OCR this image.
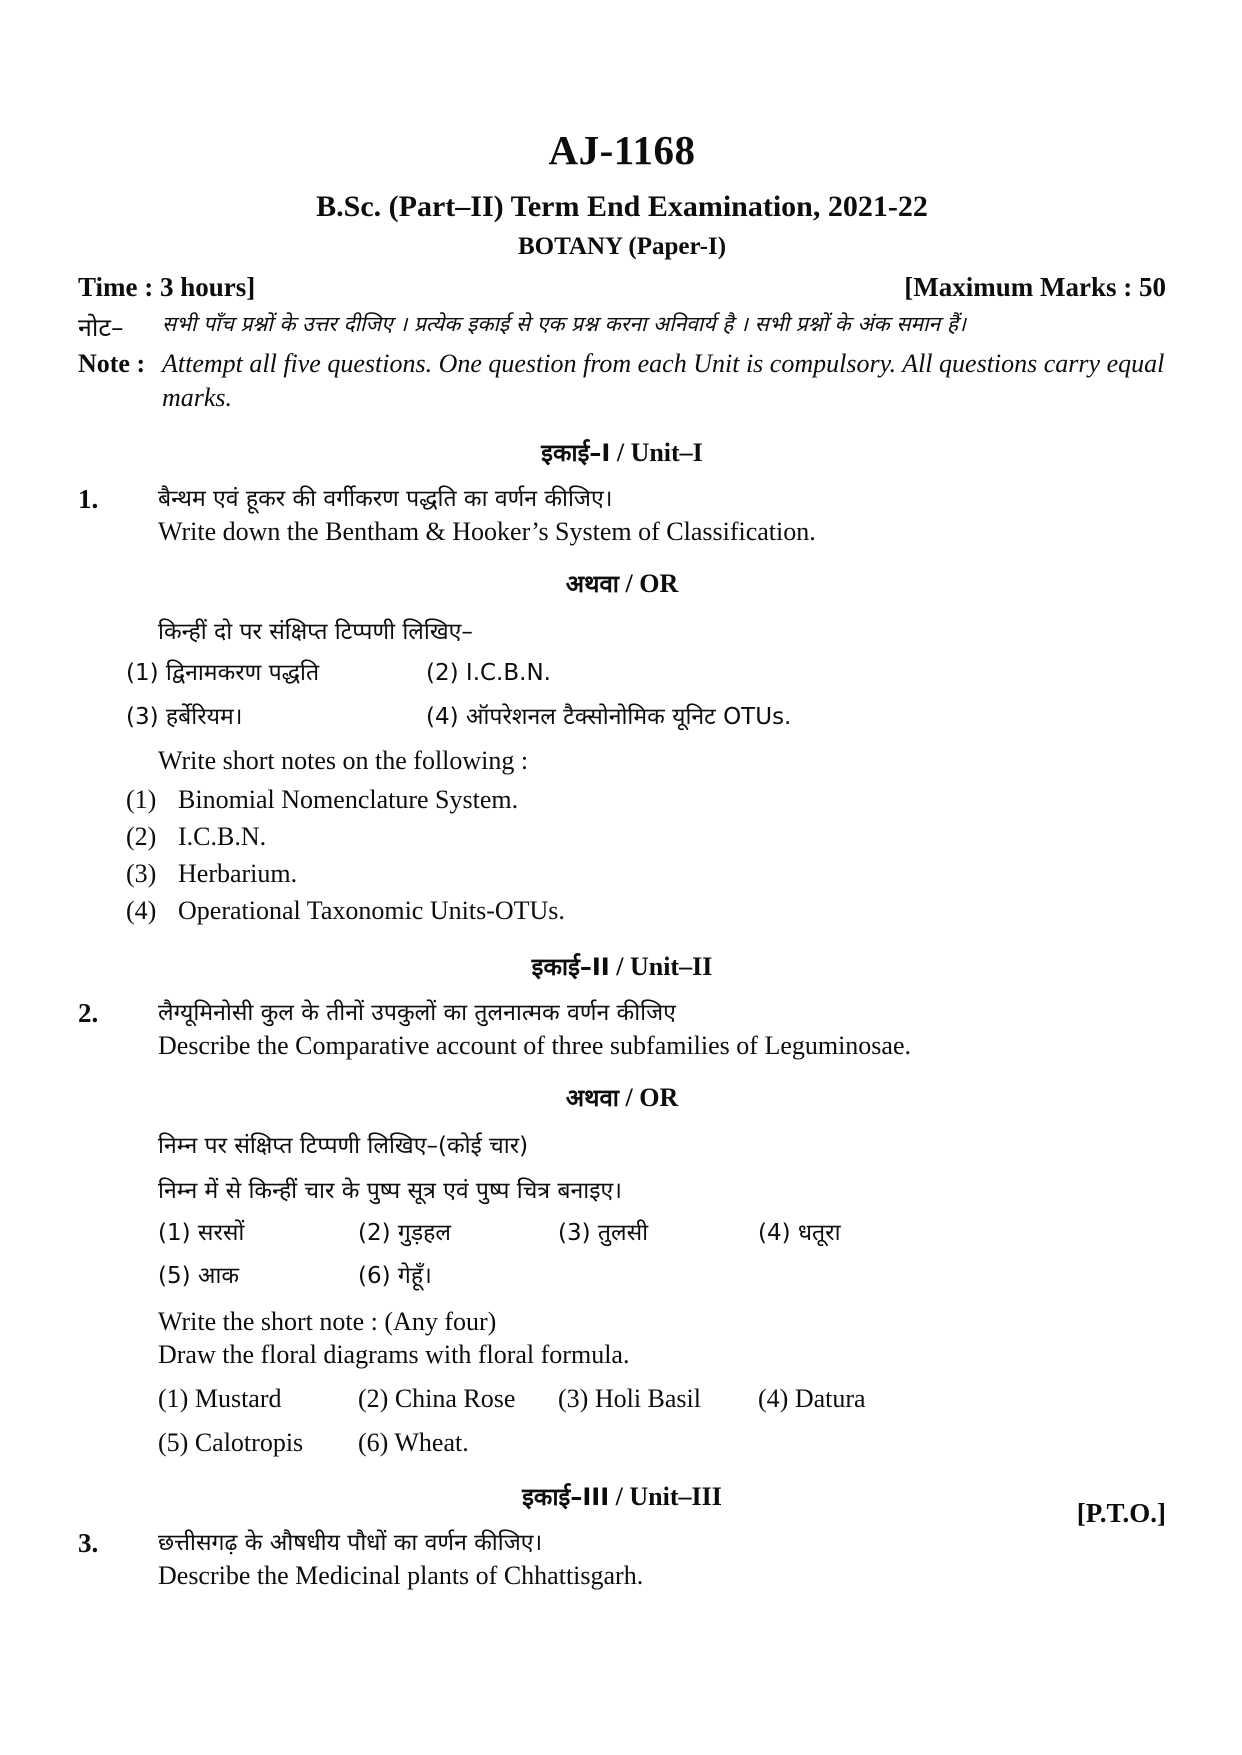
AJ-1168
B.Sc. (Part–II) Term End Examination, 2021-22
BOTANY (Paper-I)
Time : 3 hours]	[Maximum Marks : 50
नोट–	सभी पाँच प्रश्नों के उत्तर दीजिए । प्रत्येक इकाई से एक प्रश्न करना अनिवार्य है । सभी प्रश्नों के अंक समान हैं।
Note : Attempt all five questions. One question from each Unit is compulsory. All questions carry equal marks.
इकाई–I / Unit–I
1.	बैन्थम एवं हूकर की वर्गीकरण पद्धति का वर्णन कीजिए।
Write down the Bentham & Hooker’s System of Classification.
अथवा / OR
किन्हीं दो पर संक्षिप्त टिप्पणी लिखिए–
(1) द्विनामकरण पद्धति	(2) I.C.B.N.
(3) हर्बेरियम।	(4) ऑपरेशनल टैक्सोनोमिक यूनिट OTUs.
Write short notes on the following :
(1) Binomial Nomenclature System.
(2) I.C.B.N.
(3) Herbarium.
(4) Operational Taxonomic Units-OTUs.
इकाई–II / Unit–II
2.	लैग्यूमिनोसी कुल के तीनों उपकुलों का तुलनात्मक वर्णन कीजिए
Describe the Comparative account of three subfamilies of Leguminosae.
अथवा / OR
निम्न पर संक्षिप्त टिप्पणी लिखिए–(कोई चार)
निम्न में से किन्हीं चार के पुष्प सूत्र एवं पुष्प चित्र बनाइए।
(1) सरसों	(2) गुड़हल	(3) तुलसी	(4) धतूरा
(5) आक	(6) गेहूँ।
Write the short note : (Any four)
Draw the floral diagrams with floral formula.
(1) Mustard	(2) China Rose	(3) Holi Basil	(4) Datura
(5) Calotropis	(6) Wheat.
इकाई–III / Unit–III
3.	छत्तीसगढ़ के औषधीय पौधों का वर्णन कीजिए।
Describe the Medicinal plants of Chhattisgarh.
[P.T.O.]
